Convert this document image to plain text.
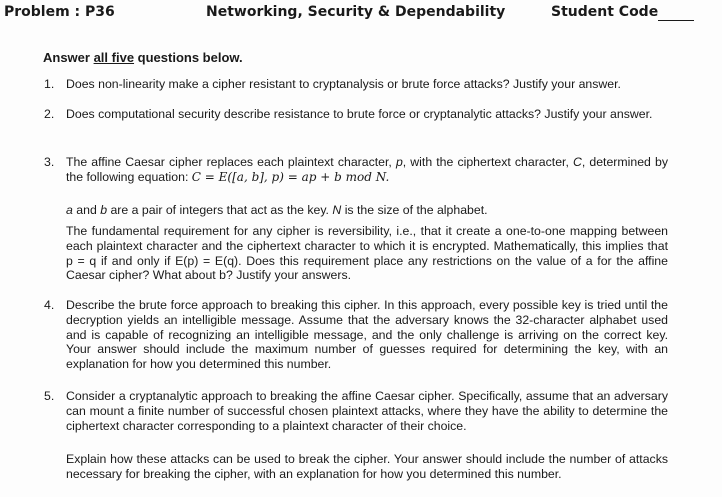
Problem : P36	Networking, Security & Dependability	Student Code
Answer all five questions below.
1. Does non-linearity make a cipher resistant to cryptanalysis or brute force attacks? Justify your answer.
2. Does computational security describe resistance to brute force or cryptanalytic attacks? Justify your answer.
3. The affine Caesar cipher replaces each plaintext character, p, with the ciphertext character, C, determined by the following equation: C = E([a, b], p) = ap + b mod N.
a and b are a pair of integers that act as the key. N is the size of the alphabet.
The fundamental requirement for any cipher is reversibility, i.e., that it create a one-to-one mapping between each plaintext character and the ciphertext character to which it is encrypted. Mathematically, this implies that p = q if and only if E(p) = E(q). Does this requirement place any restrictions on the value of a for the affine Caesar cipher? What about b? Justify your answers.
4. Describe the brute force approach to breaking this cipher. In this approach, every possible key is tried until the decryption yields an intelligible message. Assume that the adversary knows the 32-character alphabet used and is capable of recognizing an intelligible message, and the only challenge is arriving on the correct key. Your answer should include the maximum number of guesses required for determining the key, with an explanation for how you determined this number.
5. Consider a cryptanalytic approach to breaking the affine Caesar cipher. Specifically, assume that an adversary can mount a finite number of successful chosen plaintext attacks, where they have the ability to determine the ciphertext character corresponding to a plaintext character of their choice.
Explain how these attacks can be used to break the cipher. Your answer should include the number of attacks necessary for breaking the cipher, with an explanation for how you determined this number.
